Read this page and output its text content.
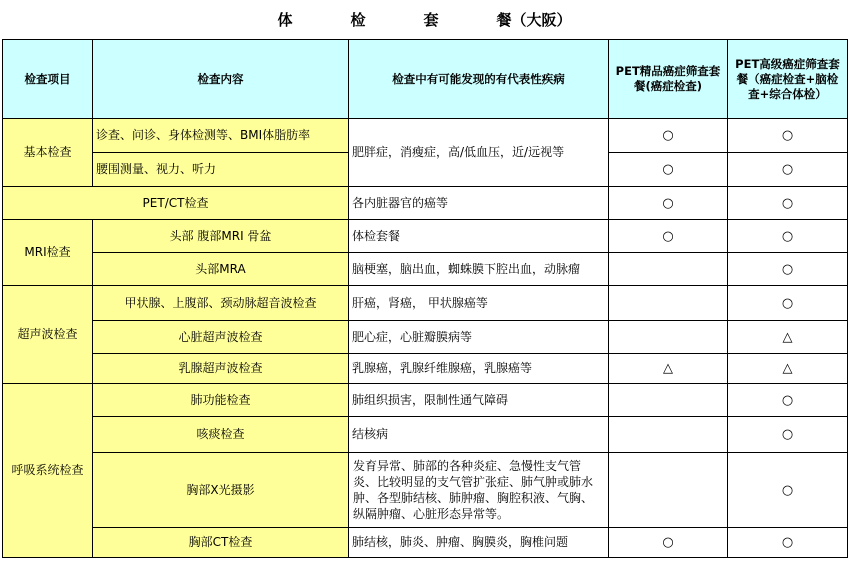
体	检	套	餐（大阪）
检查项目	检查内容	检查中有可能发现的有代表性疾病	PET精品癌症筛查套餐(癌症检查)	PET高级癌症筛查套餐（癌症检查+脑检查+综合体检）
基本检查	诊查、问诊、身体检测等、BMI体脂肪率	肥胖症，消瘦症，高/低血压，近/远视等	○	○
	腰围测量、视力、听力		○	○
PET/CT检查		各内脏器官的癌等	○	○
MRI检查	头部 腹部MRI 骨盆	体检套餐	○	○
	头部MRA	脑梗塞，脑出血，蜘蛛膜下腔出血，动脉瘤		○
超声波检查	甲状腺、上腹部、颈动脉超音波检查	肝癌，肾癌， 甲状腺癌等		○
	心脏超声波检查	肥心症，心脏瓣膜病等		△
	乳腺超声波检查	乳腺癌，乳腺纤维腺癌，乳腺癌等	△	△
呼吸系统检查	肺功能检查	肺组织损害，限制性通气障碍		○
	咳痰检查	结核病		○
	胸部X光摄影	发育异常、肺部的各种炎症、急慢性支气管炎、比较明显的支气管扩张症、肺气肿或肺水肿、各型肺结核、肺肿瘤、胸腔积液、气胸、纵隔肿瘤、心脏形态异常等。		○
	胸部CT检查	肺结核，肺炎、肿瘤、胸膜炎，胸椎问题	○	○
